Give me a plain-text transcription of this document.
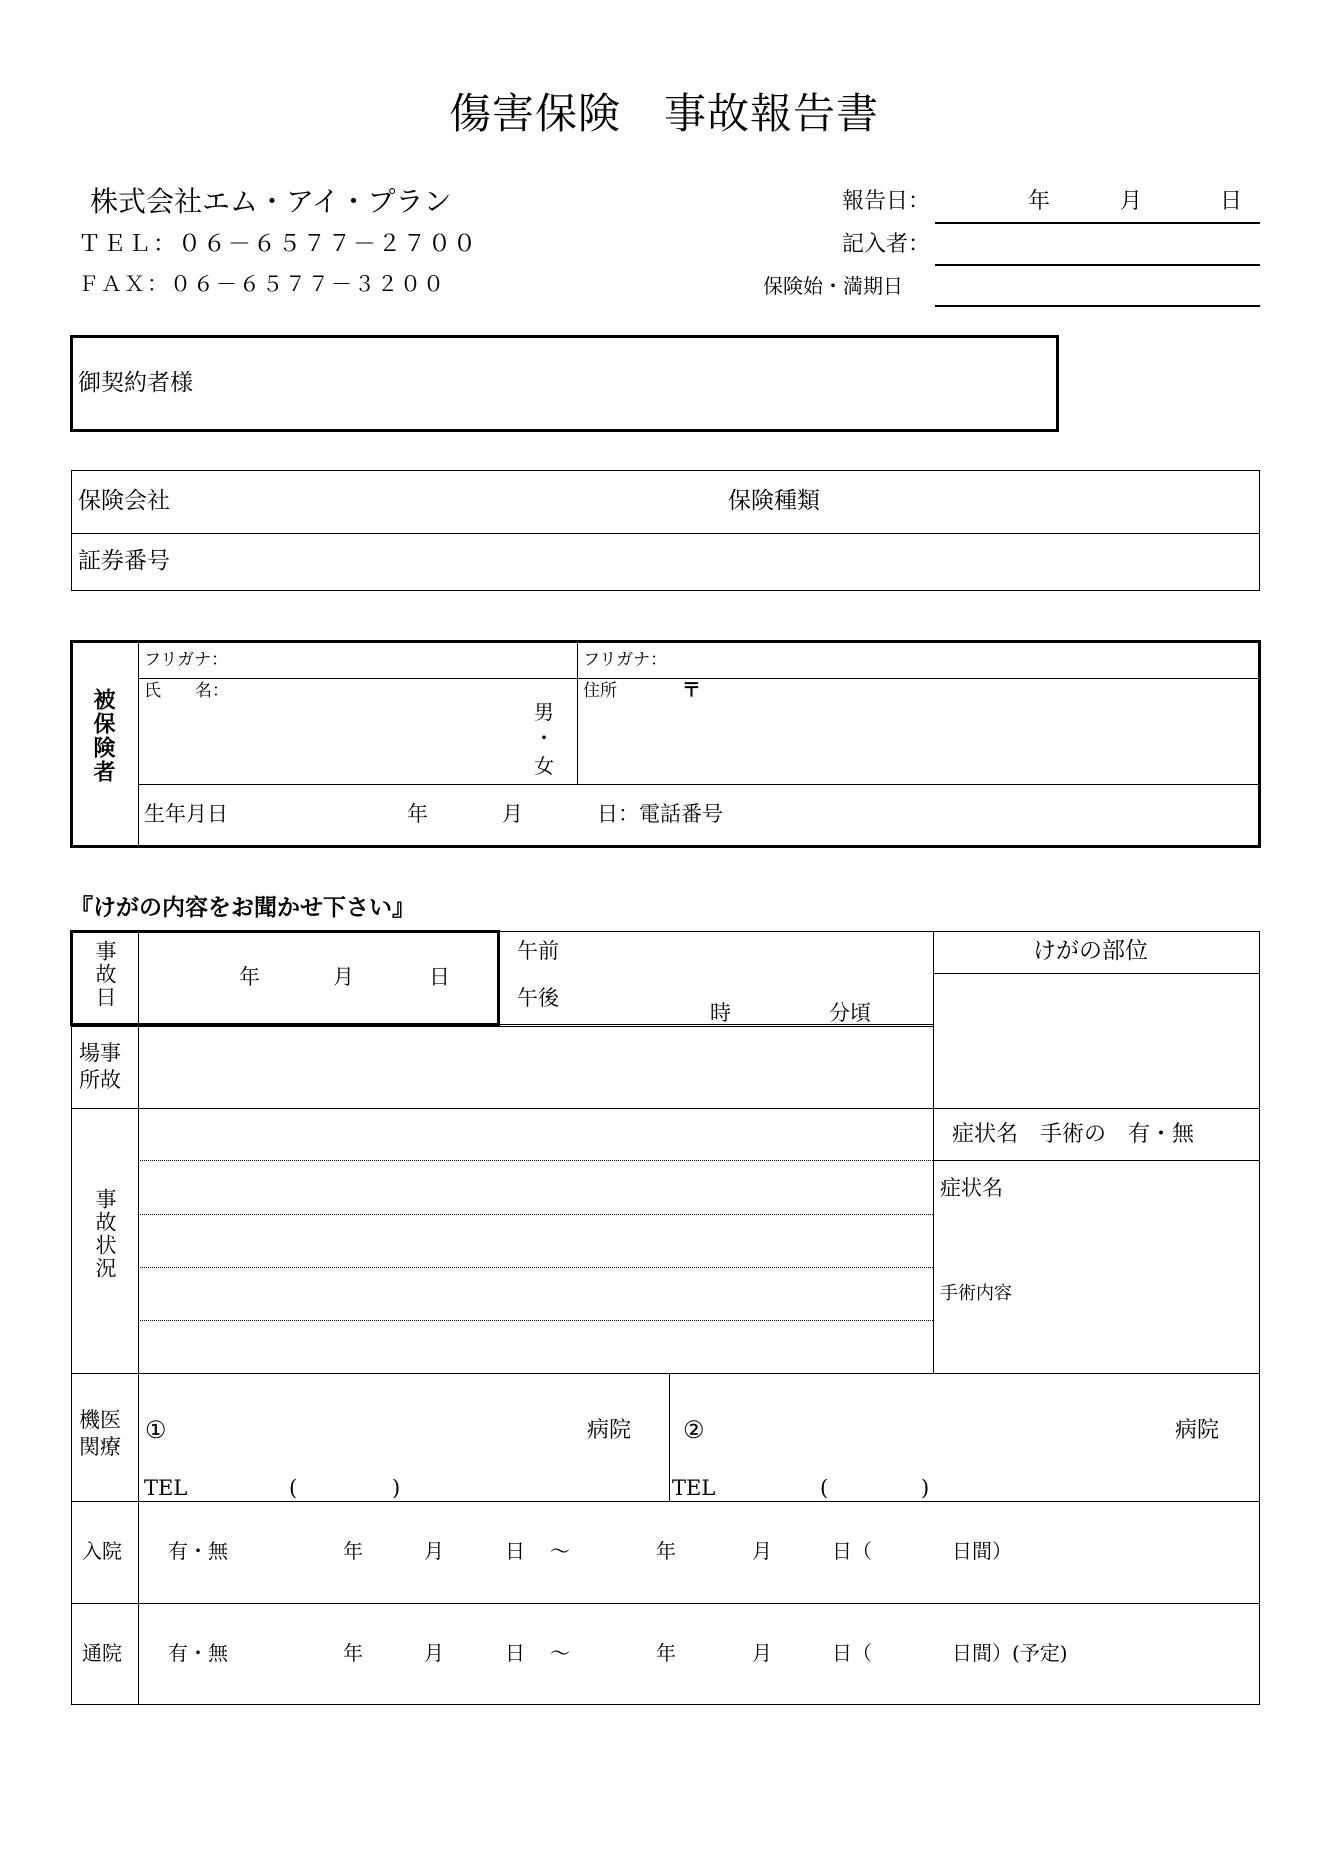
傷害保険　事故報告書
株式会社エム・アイ・プラン
ＴＥＬ：０６－６５７７－２７００
ＦＡＸ：０６－６５７７－３２００
報告日：	年	月	日
記入者：
保険始・満期日
御契約者様
保険会社	保険種類
証券番号
被保険者
フリガナ：	フリガナ：
氏　　名：
男
・
女
住所	〒
生年月日	年	月	日：電話番号
『けがの内容をお聞かせ下さい』
事故日	年	月	日
午前
午後
時	分頃
けがの部位
場事
所故
事故状況
症状名　手術の　有・無
症状名
手術内容
機医
関療
①	病院
TEL	(	)
②	病院
TEL	(	)
入院 有・無	年	月	日 ～	年	月	日（	日間）
通院 有・無	年	月	日 ～	年	月	日（	日間）(予定)
